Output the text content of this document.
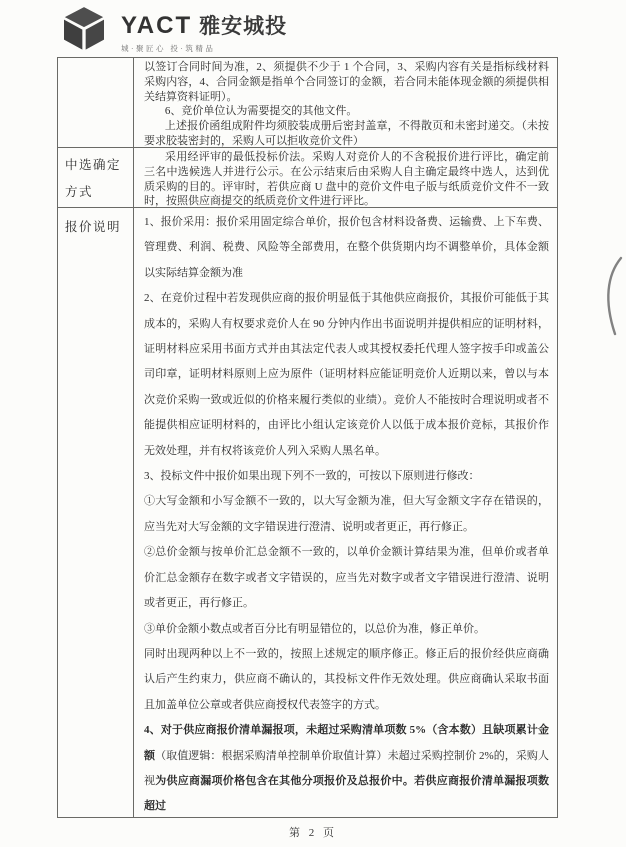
YACT 雅安城投
城·聚匠心 投·筑精品

以签订合同时间为准，2、须提供不少于 1 个合同，3、采购内容有关是指标线材料采购内容，4、合同金额是指单个合同签订的金额，若合同未能体现金额的须提供相关结算资料证明）。

6、竞价单位认为需要提交的其他文件。

上述报价函组成附件均须胶装成册后密封盖章，不得散页和未密封递交。（未按要求胶装密封的，采购人可以拒收竞价文件）

中选确定方式

采用经评审的最低投标价法。采购人对竞价人的不含税报价进行评比，确定前三名中选候选人并进行公示。在公示结束后由采购人自主确定最终中选人，达到优质采购的目的。评审时，若供应商 U 盘中的竞价文件电子版与纸质竞价文件不一致时，按照供应商提交的纸质竞价文件进行评比。

报价说明	1、报价采用：报价采用固定综合单价，报价包含材料设备费、运输费、上下车费、管理费、利润、税费、风险等全部费用，在整个供货期内均不调整单价，具体金额以实际结算金额为准

2、在竞价过程中若发现供应商的报价明显低于其他供应商报价，其报价可能低于其成本的，采购人有权要求竞价人在 90 分钟内作出书面说明并提供相应的证明材料，证明材料应采用书面方式并由其法定代表人或其授权委托代理人签字按手印或盖公司印章，证明材料原则上应为原件（证明材料应能证明竞价人近期以来，曾以与本次竞价采购一致或近似的价格来履行类似的业绩）。竞价人不能按时合理说明或者不能提供相应证明材料的，由评比小组认定该竞价人以低于成本报价竞标，其报价作无效处理，并有权将该竞价人列入采购人黑名单。

3、投标文件中报价如果出现下列不一致的，可按以下原则进行修改：

①大写金额和小写金额不一致的，以大写金额为准，但大写金额文字存在错误的，应当先对大写金额的文字错误进行澄清、说明或者更正，再行修正。

②总价金额与按单价汇总金额不一致的，以单价金额计算结果为准，但单价或者单价汇总金额存在数字或者文字错误的，应当先对数字或者文字错误进行澄清、说明或者更正，再行修正。

③单价金额小数点或者百分比有明显错位的，以总价为准，修正单价。

同时出现两种以上不一致的，按照上述规定的顺序修正。修正后的报价经供应商确认后产生约束力，供应商不确认的，其投标文件作无效处理。供应商确认采取书面且加盖单位公章或者供应商授权代表签字的方式。

4、对于供应商报价清单漏报项，未超过采购清单项数 5%（含本数）且缺项累计金额（取值逻辑：根据采购清单控制单价取值计算）未超过采购控制价 2%的，采购人视为供应商漏项价格包含在其他分项报价及总报价中。若供应商报价清单漏报项数超过

第 2 页
